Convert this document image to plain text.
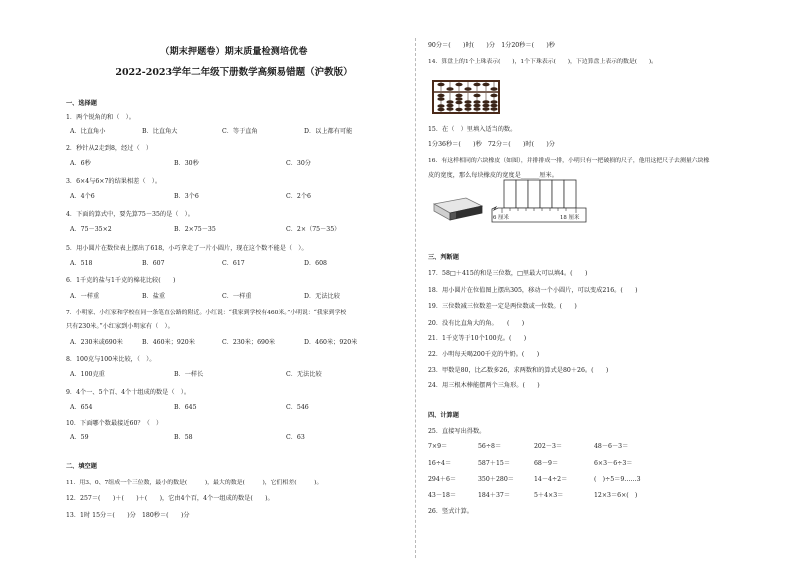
（期末押题卷）期末质量检测培优卷
2022-2023学年二年级下册数学高频易错题（沪教版）
一、选择题
1．两个锐角的和（　）。
A．比直角小	B．比直角大	C．等于直角	D．以上都有可能
2．秒针从2走到8，经过（　）
A．6秒	B．30秒	C．30分
3．6×4与6×7的结果相差（　）。
A．4个6	B．3个6	C．2个6
4．下面的算式中，要先算75－35的是（　）。
A．75－35×2	B．2×75－35	C．2×（75－35）
5．用小圆片在数位表上摆出了618，小巧拿走了一片小圆片，现在这个数不能是（　）。
A．518	B．607	C．617	D．608
6．1千克的盐与1千克的棉花比较(　　)
A．一样重	B．盐重	C．一样重	D．无法比较
7．小明家、小红家和学校在同一条笔直公路的附近。小红说：“我家到学校有460米。”小明说：“我家到学校
只有230米。”小红家到小明家有（　）。
A．230米或690米	B．460米；920米	C．230米；690米	D．460米；920米
8．100克与100米比较，（　）。
A．100克重	B．一样长	C．无法比较
9．4个一、5个百、4个十组成的数是（　）。
A．654	B．645	C．546
10．下面哪个数最接近60？（　）
A．59	B．58	C．63
二、填空题
11．用3、0、7组成一个三位数，最小的数是(　　　)，最大的数是(　　　)，它们相差(　　　)。
12．257＝(　　)＋(　　)＋(　　)，它由4个百，4个一组成的数是(　　)。
13．1时 15分＝(　　)分　180秒＝(　　)分
90分＝(　　)时(　　)分　1分20秒＝(　　)秒
14．算盘上的1个上珠表示(　　)，1个下珠表示(　　)，下边算盘上表示的数是(　　)。
15．在（　）里填入适当的数。
1分36秒＝(　　)秒　72分＝(　　)时(　　)分
16．有这样相同的六块橡皮（如图），并排排成一排，小明只有一把破损的尺子，他用这把尺子去测量六块橡
皮的宽度，那么每块橡皮的宽度是______厘米。
三、判断题
17．58□＋415的和是三位数，□里最大可以填4。(　　)
18．用小圆片在位值图上摆出305，移动一个小圆片，可以变成216。(　　)
19．三位数减三位数差一定是两位数或一位数。(　　)
20．没有比直角大的角。　　(　　)
21．1千克等于10个100克。(　　)
22．小明每天喝200千克的牛奶。(　　)
23．甲数是80，比乙数多26，求两数和的算式是80＋26。(　　)
24．用三根木棒能摆两个三角形。(　　)
四、计算题
25．直接写出得数。
7×9＝	56÷8＝	202－3＝	48－6－3＝
16÷4＝	587＋15＝	68－9＝	6×3－6÷3＝
294＋6＝	350＋280＝	14－4÷2＝	(　)÷5＝9……3
43－18＝	184＋37＝	5＋4×3＝	12×3＝6×(　)
26．竖式计算。
6 厘米	18 厘米
